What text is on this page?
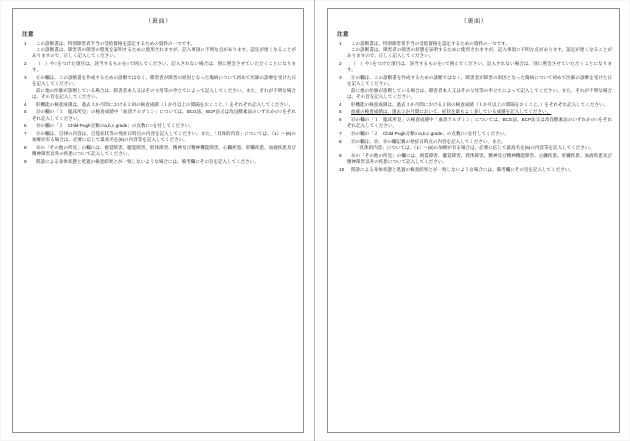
（裏面）
注意
1	この診断書は、特別障害者手当の受給資格を認定するための資料の一つです。

この診断書は、障害者の障害の程度を証明するために使用されますが、記入事項に不明な点があります。認定が遅くなることがありますので、正しく記入してください。

2	（　）や○をつけた項目は、該当するものを○で囲んでください。記入されない場合は、別に照会させていただくことになります。

3	⑥の欄は、この診断書を作成するための診断ではなく、障害者が障害の原因となった傷病について初めて医師の診療を受けた日を記入してください。

前に他の医師が診断している場合は、障害者本人又はその父母等の申立てによって記入してください。また、それが不明な場合は、その旨を記入してください。

4	肝機能の検査成績は、過去３か月間における２回の検査成績（１か月以上の間隔をおくこと。）をそれぞれ記入してください。

5	⑬の欄の「１　臨床所見」の検査成績中「血清アルブミン」については、BCG法、BCP法又は改良酵素法のいずれかの○をそれぞれ記入してください。

6	⑭の欄の「２　Child-Pugh分類のa,b,c grade」の点数に○を付してください。

7	⑮の欄は、自律の内容は、自覚症状等の発症日時点の内容を記入してください。また、「具体的内容」については、（1）～(6)の加療が有る場合は、必要に応じて最高名を(6)の内容等を記入してください。

8	⑯の「その他の所見」の欄には、視覚障害、聴覚障害、肢体障害、精神及び精神機能障害、心臓疾患、肝臓疾患、血液疾患及び精神障害以外の疾患について記入してください。

9	問診による身体状態と処置の検査結果とが一致しないような場合には、備考欄にその旨を記入してください。

（裏面）
注意
1	この診断書は、特別障害者手当の受給資格を認定するための資料の一つです。

この診断書は、障害者の障害の状態を証明するために使用されますが、記入事項に不明な点があります。認定が遅くなることがありますので、正しく記入してください。

2	（　）や○をつけた項目は、該当するものを○で囲んでください。記入されない場合は、別に照会させていただくことになります。

3	⑥の欄は、この診断書を作成するための診断ではなく、障害者が障害の原因となった傷病について初めて医師の診療を受けた日を記入してください。

前に他の医師が診断している場合は、障害者本人又はその父母等の申立てによって記入してください。また、それが不明な場合は、その旨を記入してください。

4	肝機能の検査成績は、過去３か月間における２回の検査成績（１か月以上の間隔をおくこと。）をそれぞれ記入してください。

5	血液の検査成績は、過去３か月間において、症状を最もよく表している成績を記入してください。

6	⑬の欄の「１　臨床所見」の検査成績中「血清アルブミン」については、BCG法、BCP法又は改良酵素法のいずれかの○をそれぞれ記入してください。

7	⑭の欄の「２　Child-Pugh分類のa,b,c grade」の点数に○を付してください。

8	⑮の欄は、⑬、⑭の欄記載の発症日時点の内容を記入してください。また、

「具体的内容」については、（1）～(6)の加療が有る場合は、必要に応じて最高名を(6)の内容等を記入してください。

9	⑯の「その他の所見」の欄には、視覚障害、聴覚障害、肢体障害、精神及び精神機能障害、心臓疾患、肝臓疾患、血液疾患及び精神障害以外の疾患について記入してください。

10	問診による身体状態と処置の検査結果とが一致しないような場合には、備考欄にその旨を記入してください。
